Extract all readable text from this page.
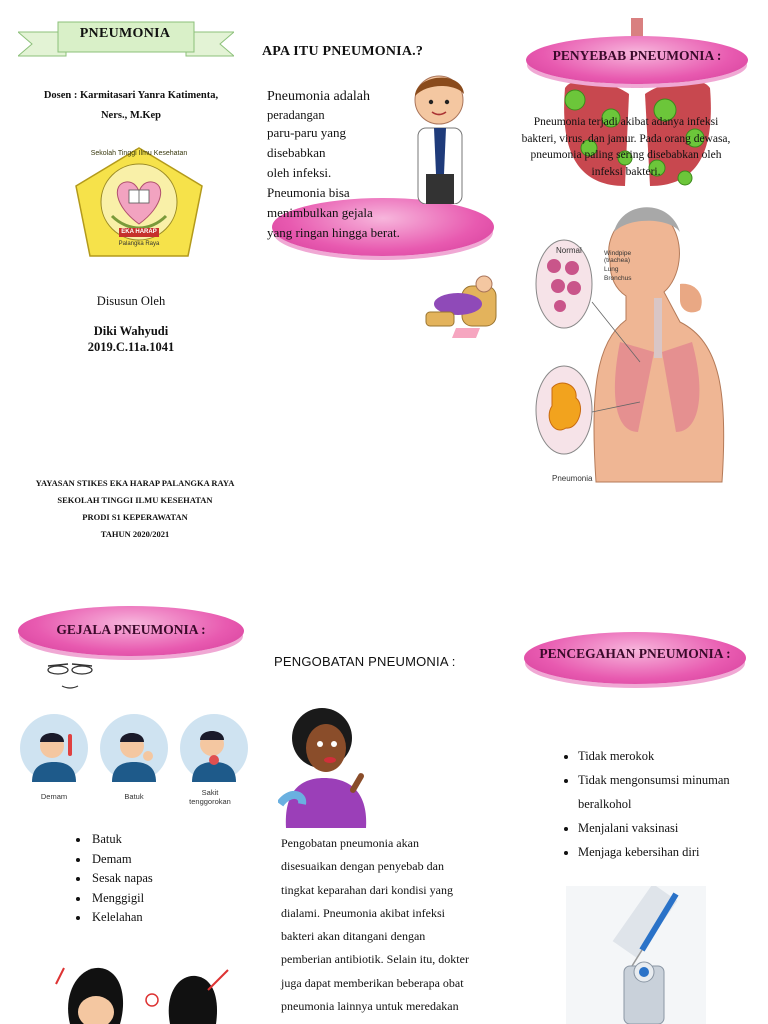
PNEUMONIA
Dosen : Karmitasari Yanra Katimenta,
Ners., M.Kep
Sekolah Tinggi Ilmu Kesehatan
EKA HARAP
Palangka Raya
Disusun Oleh
Diki Wahyudi
2019.C.11a.1041
YAYASAN STIKES EKA HARAP PALANGKA RAYA
SEKOLAH TINGGI ILMU KESEHATAN
PRODI S1 KEPERAWATAN
TAHUN 2020/2021
APA ITU PNEUMONIA.?
Pneumonia adalah
peradangan
paru-paru yang
disebabkan
oleh infeksi.
Pneumonia bisa
menimbulkan gejala
yang ringan hingga berat.
PENYEBAB PNEUMONIA :
Pneumonia terjadi akibat adanya infeksi
bakteri, virus, dan jamur. Pada orang dewasa,
pneumonia paling sering disebabkan oleh
infeksi bakteri.
Normal	Windpipe (trachea)
Lung
Bronchus
Pneumonia
GEJALA PNEUMONIA :
Demam	Batuk	Sakit tenggorokan
• Batuk
• Demam
• Sesak napas
• Menggigil
• Kelelahan
PENGOBATAN PNEUMONIA :
Pengobatan pneumonia akan
disesuaikan dengan penyebab dan
tingkat keparahan dari kondisi yang
dialami. Pneumonia akibat infeksi
bakteri akan ditangani dengan
pemberian antibiotik. Selain itu, dokter
juga dapat memberikan beberapa obat
pneumonia lainnya untuk meredakan
PENCEGAHAN PNEUMONIA :
• Tidak merokok
• Tidak mengonsumsi minuman
beralkohol
• Menjalani vaksinasi
• Menjaga kebersihan diri
